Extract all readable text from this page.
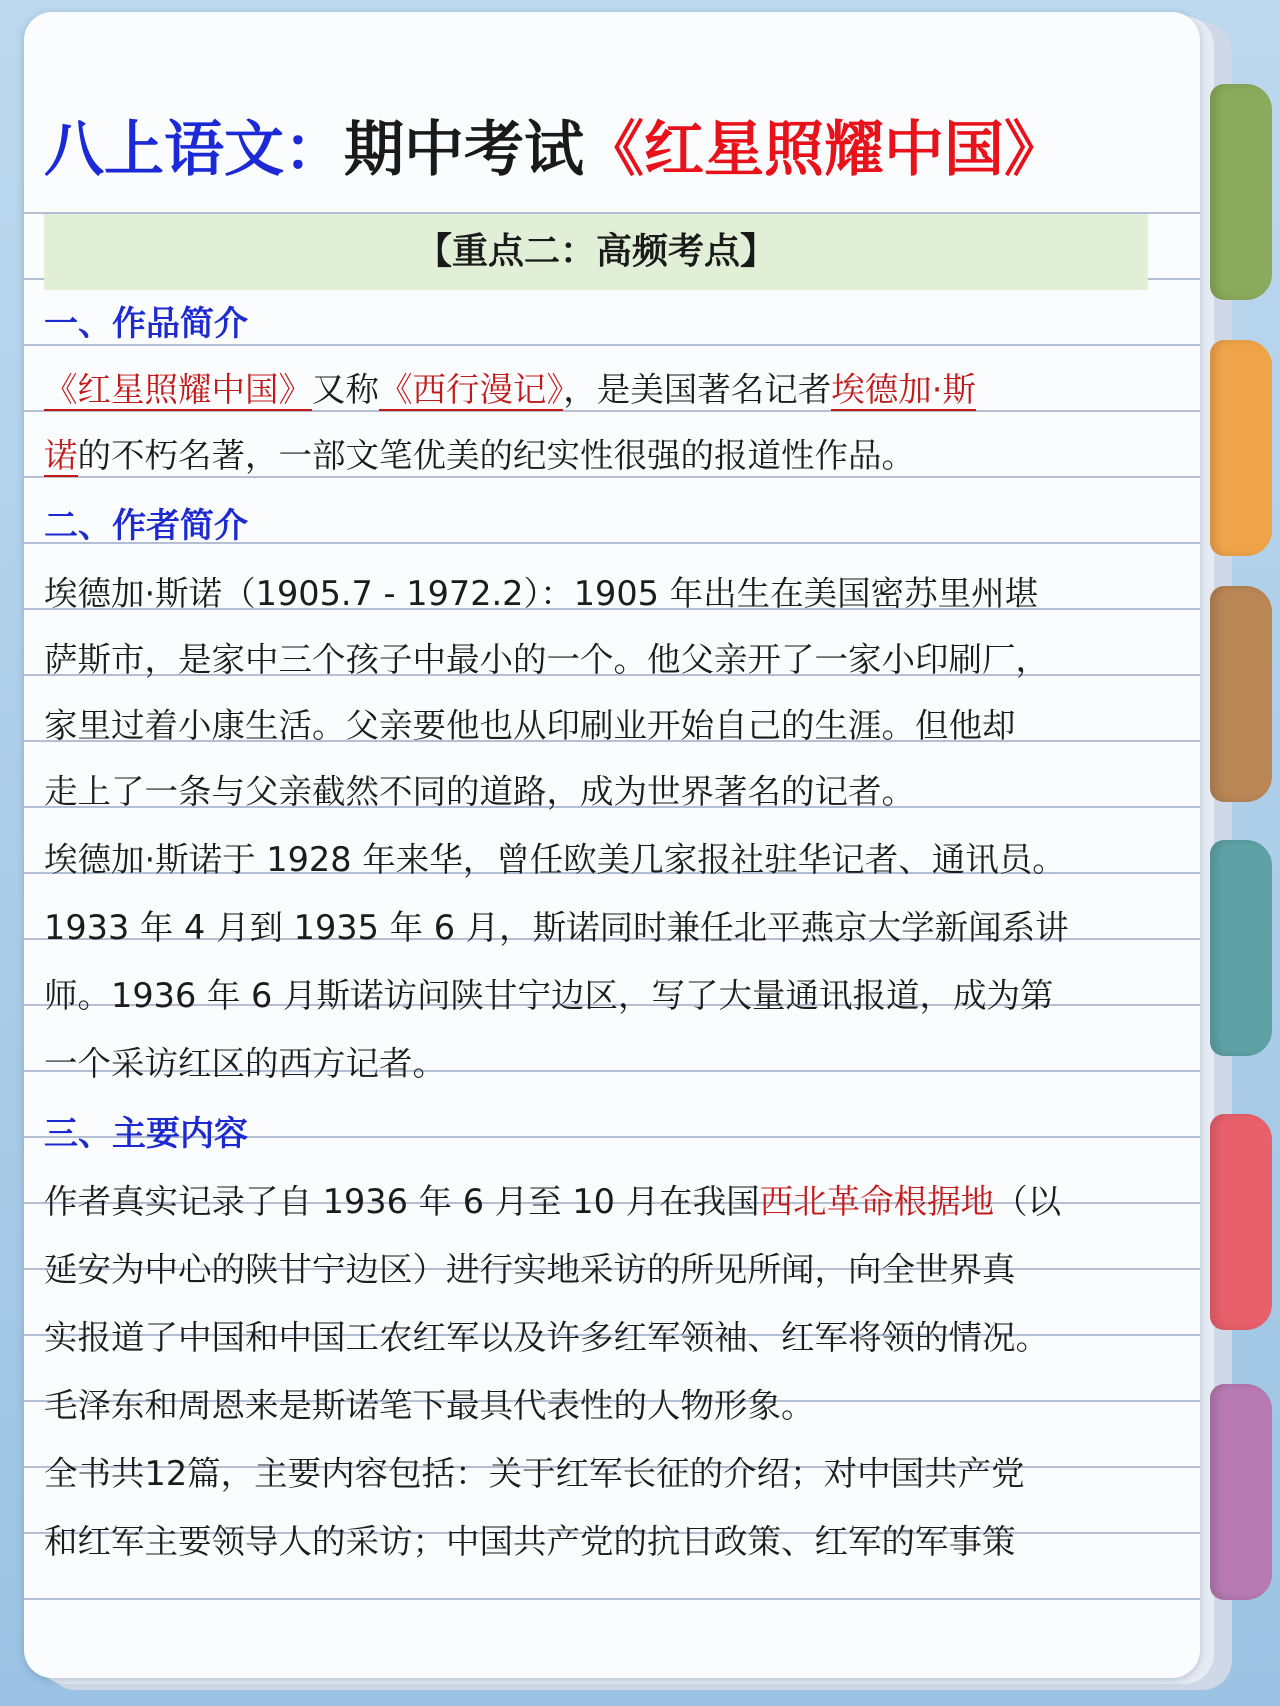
八上语文：期中考试《红星照耀中国》
【重点二：高频考点】
一、作品简介
《红星照耀中国》又称《西行漫记》，是美国著名记者埃德加·斯
诺的不朽名著，一部文笔优美的纪实性很强的报道性作品。
二、作者简介
埃德加·斯诺（1905.7 - 1972.2）：1905 年出生在美国密苏里州堪
萨斯市，是家中三个孩子中最小的一个。他父亲开了一家小印刷厂，
家里过着小康生活。父亲要他也从印刷业开始自己的生涯。但他却
走上了一条与父亲截然不同的道路，成为世界著名的记者。
埃德加·斯诺于 1928 年来华，曾任欧美几家报社驻华记者、通讯员。
1933 年 4 月到 1935 年 6 月，斯诺同时兼任北平燕京大学新闻系讲
师。1936 年 6 月斯诺访问陕甘宁边区，写了大量通讯报道，成为第
一个采访红区的西方记者。
三、主要内容
作者真实记录了自 1936 年 6 月至 10 月在我国西北革命根据地（以
延安为中心的陕甘宁边区）进行实地采访的所见所闻，向全世界真
实报道了中国和中国工农红军以及许多红军领袖、红军将领的情况。
毛泽东和周恩来是斯诺笔下最具代表性的人物形象。
全书共12篇，主要内容包括：关于红军长征的介绍；对中国共产党
和红军主要领导人的采访；中国共产党的抗日政策、红军的军事策
